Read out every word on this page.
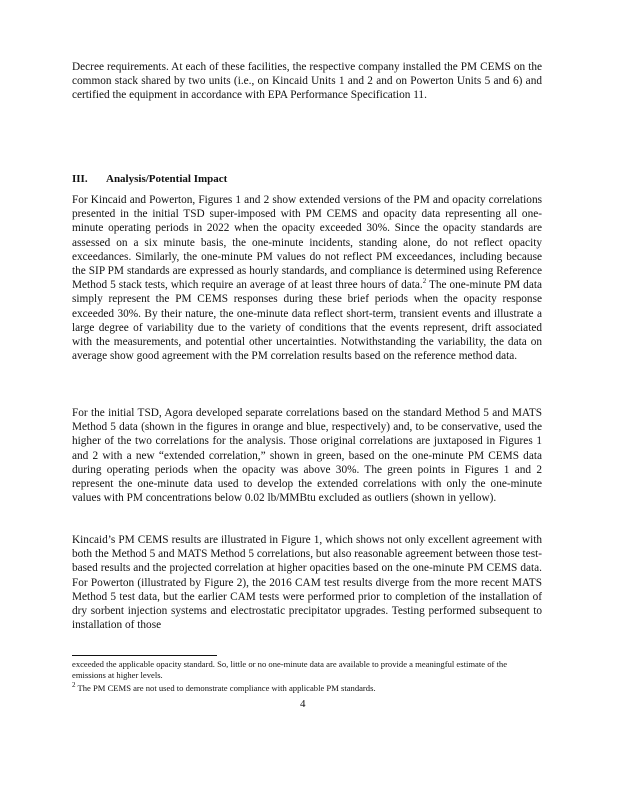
Decree requirements. At each of these facilities, the respective company installed the PM CEMS on the common stack shared by two units (i.e., on Kincaid Units 1 and 2 and on Powerton Units 5 and 6) and certified the equipment in accordance with EPA Performance Specification 11.

III. Analysis/Potential Impact

For Kincaid and Powerton, Figures 1 and 2 show extended versions of the PM and opacity correlations presented in the initial TSD super-imposed with PM CEMS and opacity data representing all one-minute operating periods in 2022 when the opacity exceeded 30%. Since the opacity standards are assessed on a six minute basis, the one-minute incidents, standing alone, do not reflect opacity exceedances. Similarly, the one-minute PM values do not reflect PM exceedances, including because the SIP PM standards are expressed as hourly standards, and compliance is determined using Reference Method 5 stack tests, which require an average of at least three hours of data.$^2$ The one-minute PM data simply represent the PM CEMS responses during these brief periods when the opacity response exceeded 30%. By their nature, the one-minute data reflect short-term, transient events and illustrate a large degree of variability due to the variety of conditions that the events represent, drift associated with the measurements, and potential other uncertainties. Notwithstanding the variability, the data on average show good agreement with the PM correlation results based on the reference method data.

For the initial TSD, Agora developed separate correlations based on the standard Method 5 and MATS Method 5 data (shown in the figures in orange and blue, respectively) and, to be conservative, used the higher of the two correlations for the analysis. Those original correlations are juxtaposed in Figures 1 and 2 with a new “extended correlation,” shown in green, based on the one-minute PM CEMS data during operating periods when the opacity was above 30%. The green points in Figures 1 and 2 represent the one-minute data used to develop the extended correlations with only the one-minute values with PM concentrations below 0.02 lb/MMBtu excluded as outliers (shown in yellow).

Kincaid’s PM CEMS results are illustrated in Figure 1, which shows not only excellent agreement with both the Method 5 and MATS Method 5 correlations, but also reasonable agreement between those test-based results and the projected correlation at higher opacities based on the one-minute PM CEMS data. For Powerton (illustrated by Figure 2), the 2016 CAM test results diverge from the more recent MATS Method 5 test data, but the earlier CAM tests were performed prior to completion of the installation of dry sorbent injection systems and electrostatic precipitator upgrades. Testing performed subsequent to installation of those

exceeded the applicable opacity standard. So, little or no one-minute data are available to provide a meaningful estimate of the emissions at higher levels.

$^2$ The PM CEMS are not used to demonstrate compliance with applicable PM standards.

4
